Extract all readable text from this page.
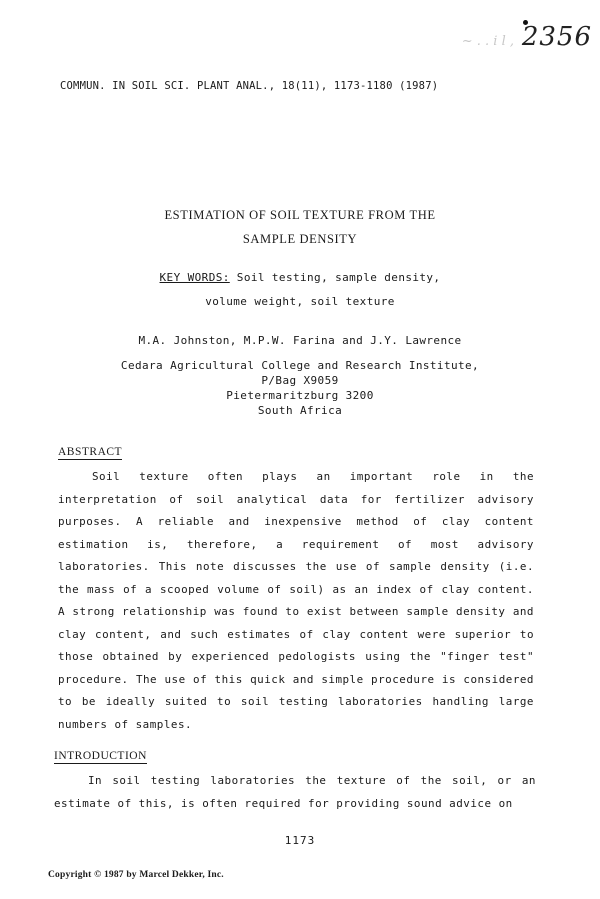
~ . . i l , 2356
COMMUN. IN SOIL SCI. PLANT ANAL., 18(11), 1173-1180 (1987)
ESTIMATION OF SOIL TEXTURE FROM THE
SAMPLE DENSITY
KEY WORDS: Soil testing, sample density,
volume weight, soil texture
M.A. Johnston, M.P.W. Farina and J.Y. Lawrence
Cedara Agricultural College and Research Institute,
P/Bag X9059
Pietermaritzburg 3200
South Africa
ABSTRACT

Soil texture often plays an important role in the interpretation of soil analytical data for fertilizer advisory purposes. A reliable and inexpensive method of clay content estimation is, therefore, a requirement of most advisory laboratories. This note discusses the use of sample density (i.e. the mass of a scooped volume of soil) as an index of clay content. A strong relationship was found to exist between sample density and clay content, and such estimates of clay content were superior to those obtained by experienced pedologists using the "finger test" procedure. The use of this quick and simple procedure is considered to be ideally suited to soil testing laboratories handling large numbers of samples.

INTRODUCTION

In soil testing laboratories the texture of the soil, or an estimate of this, is often required for providing sound advice on

1173
Copyright © 1987 by Marcel Dekker, Inc.
